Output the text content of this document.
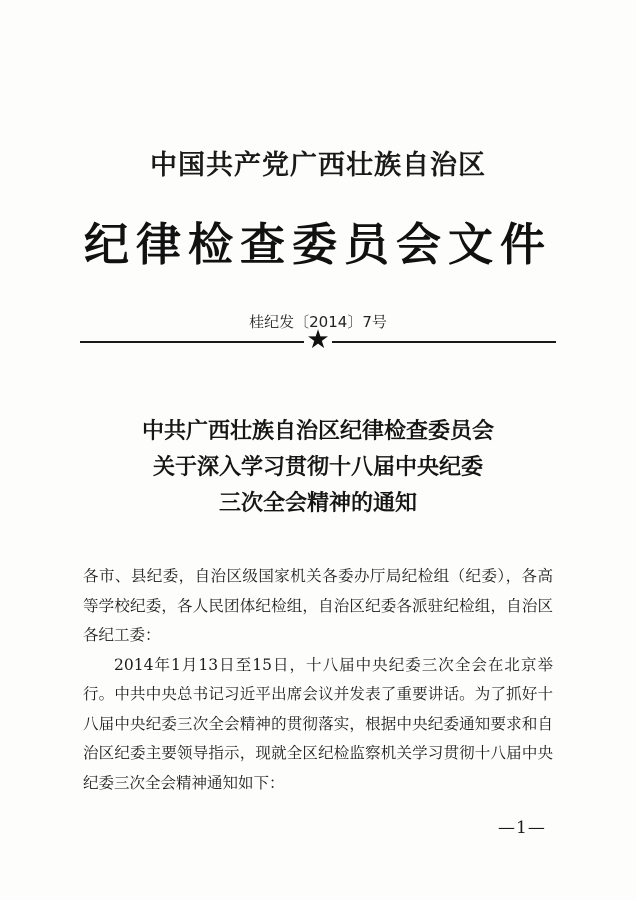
中国共产党广西壮族自治区
纪律检查委员会文件
桂纪发〔2014〕7号
★
中共广西壮族自治区纪律检查委员会
关于深入学习贯彻十八届中央纪委
三次全会精神的通知

各市、县纪委，自治区级国家机关各委办厅局纪检组（纪委），各高等学校纪委，各人民团体纪检组，自治区纪委各派驻纪检组，自治区各纪工委：

2014年1月13日至15日，十八届中央纪委三次全会在北京举行。中共中央总书记习近平出席会议并发表了重要讲话。为了抓好十八届中央纪委三次全会精神的贯彻落实，根据中央纪委通知要求和自治区纪委主要领导指示，现就全区纪检监察机关学习贯彻十八届中央纪委三次全会精神通知如下：

—1—
